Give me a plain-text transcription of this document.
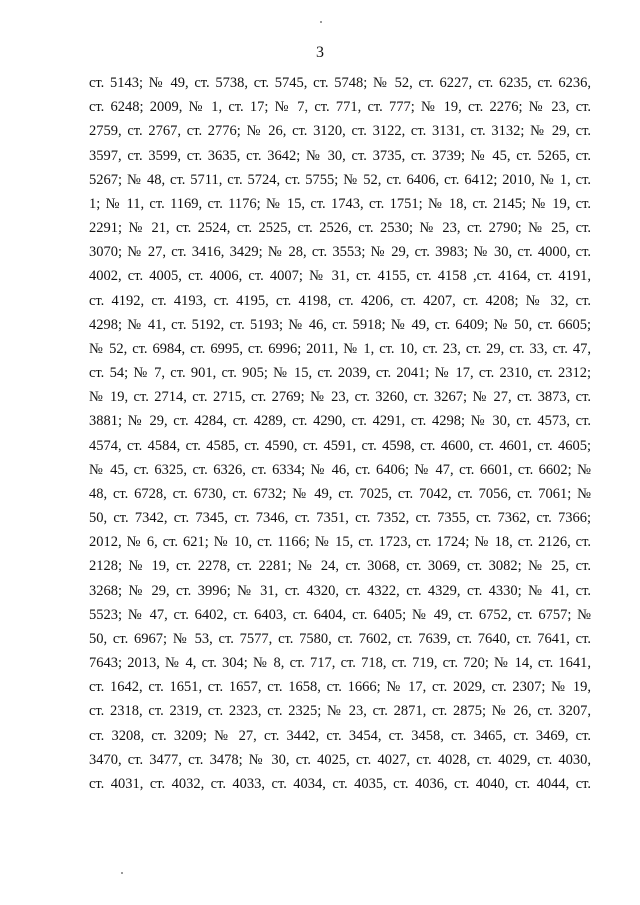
3
ст. 5143; № 49, ст. 5738, ст. 5745, ст. 5748; № 52, ст. 6227, ст. 6235, ст. 6236,
ст. 6248; 2009, № 1, ст. 17; № 7, ст. 771, ст. 777; № 19, ст. 2276; № 23, ст.
2759, ст. 2767, ст. 2776; № 26, ст. 3120, ст. 3122, ст. 3131, ст. 3132; № 29, ст.
3597, ст. 3599, ст. 3635, ст. 3642; № 30, ст. 3735, ст. 3739; № 45, ст. 5265, ст.
5267; № 48, ст. 5711, ст. 5724, ст. 5755; № 52, ст. 6406, ст. 6412; 2010, № 1, ст.
1; № 11, ст. 1169, ст. 1176; № 15, ст. 1743, ст. 1751; № 18, ст. 2145; № 19, ст.
2291; № 21, ст. 2524, ст. 2525, ст. 2526, ст. 2530; № 23, ст. 2790; № 25, ст.
3070; № 27, ст. 3416, 3429; № 28, ст. 3553; № 29, ст. 3983; № 30, ст. 4000, ст.
4002, ст. 4005, ст. 4006, ст. 4007; № 31, ст. 4155, ст. 4158 ,ст. 4164, ст. 4191,
ст. 4192, ст. 4193, ст. 4195, ст. 4198, ст. 4206, ст. 4207, ст. 4208; № 32, ст.
4298; № 41, ст. 5192, ст. 5193; № 46, ст. 5918; № 49, ст. 6409; № 50, ст. 6605;
№ 52, ст. 6984, ст. 6995, ст. 6996; 2011, № 1, ст. 10, ст. 23, ст. 29, ст. 33, ст. 47,
ст. 54; № 7, ст. 901, ст. 905; № 15, ст. 2039, ст. 2041; № 17, ст. 2310, ст. 2312;
№ 19, ст. 2714, ст. 2715, ст. 2769; № 23, ст. 3260, ст. 3267; № 27, ст. 3873, ст.
3881; № 29, ст. 4284, ст. 4289, ст. 4290, ст. 4291, ст. 4298; № 30, ст. 4573, ст.
4574, ст. 4584, ст. 4585, ст. 4590, ст. 4591, ст. 4598, ст. 4600, ст. 4601, ст. 4605;
№ 45, ст. 6325, ст. 6326, ст. 6334; № 46, ст. 6406; № 47, ст. 6601, ст. 6602; №
48, ст. 6728, ст. 6730, ст. 6732; № 49, ст. 7025, ст. 7042, ст. 7056, ст. 7061; №
50, ст. 7342, ст. 7345, ст. 7346, ст. 7351, ст. 7352, ст. 7355, ст. 7362, ст. 7366;
2012, № 6, ст. 621; № 10, ст. 1166; № 15, ст. 1723, ст. 1724; № 18, ст. 2126, ст.
2128; № 19, ст. 2278, ст. 2281; № 24, ст. 3068, ст. 3069, ст. 3082; № 25, ст.
3268; № 29, ст. 3996; № 31, ст. 4320, ст. 4322, ст. 4329, ст. 4330; № 41, ст.
5523; № 47, ст. 6402, ст. 6403, ст. 6404, ст. 6405; № 49, ст. 6752, ст. 6757; №
50, ст. 6967; № 53, ст. 7577, ст. 7580, ст. 7602, ст. 7639, ст. 7640, ст. 7641, ст.
7643; 2013, № 4, ст. 304; № 8, ст. 717, ст. 718, ст. 719, ст. 720; № 14, ст. 1641,
ст. 1642, ст. 1651, ст. 1657, ст. 1658, ст. 1666; № 17, ст. 2029, ст. 2307; № 19,
ст. 2318, ст. 2319, ст. 2323, ст. 2325; № 23, ст. 2871, ст. 2875; № 26, ст. 3207,
ст. 3208, ст. 3209; № 27, ст. 3442, ст. 3454, ст. 3458, ст. 3465, ст. 3469, ст.
3470, ст. 3477, ст. 3478; № 30, ст. 4025, ст. 4027, ст. 4028, ст. 4029, ст. 4030,
ст. 4031, ст. 4032, ст. 4033, ст. 4034, ст. 4035, ст. 4036, ст. 4040, ст. 4044, ст.
